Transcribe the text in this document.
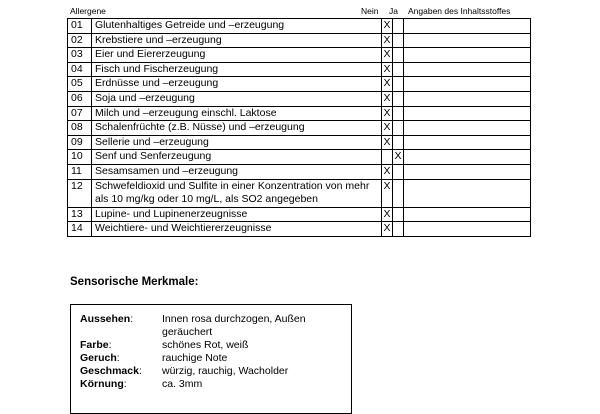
Allergene	Nein Ja Angaben des Inhaltsstoffes
01	Glutenhaltiges Getreide und –erzeugung	X		
02	Krebstiere und –erzeugung	X		
03	Eier und Eiererzeugung	X		
04	Fisch und Fischerzeugung	X		
05	Erdnüsse und –erzeugung	X		
06	Soja und –erzeugung	X		
07	Milch und –erzeugung einschl. Laktose	X		
08	Schalenfrüchte (z.B. Nüsse) und –erzeugung	X		
09	Sellerie und –erzeugung	X		
10	Senf und Senferzeugung		X	
11	Sesamsamen und –erzeugung	X		
12	Schwefeldioxid und Sulfite in einer Konzentration von mehr als 10 mg/kg oder 10 mg/L, als SO2 angegeben	X		
13	Lupine- und Lupinenerzeugnisse	X		
14	Weichtiere- und Weichtiererzeugnisse	X		
Sensorische Merkmale:
Aussehen:	Innen rosa durchzogen, Außen geräuchert
Farbe:	schönes Rot, weiß
Geruch:	rauchige Note
Geschmack: würzig, rauchig, Wacholder
Körnung:	ca. 3mm
